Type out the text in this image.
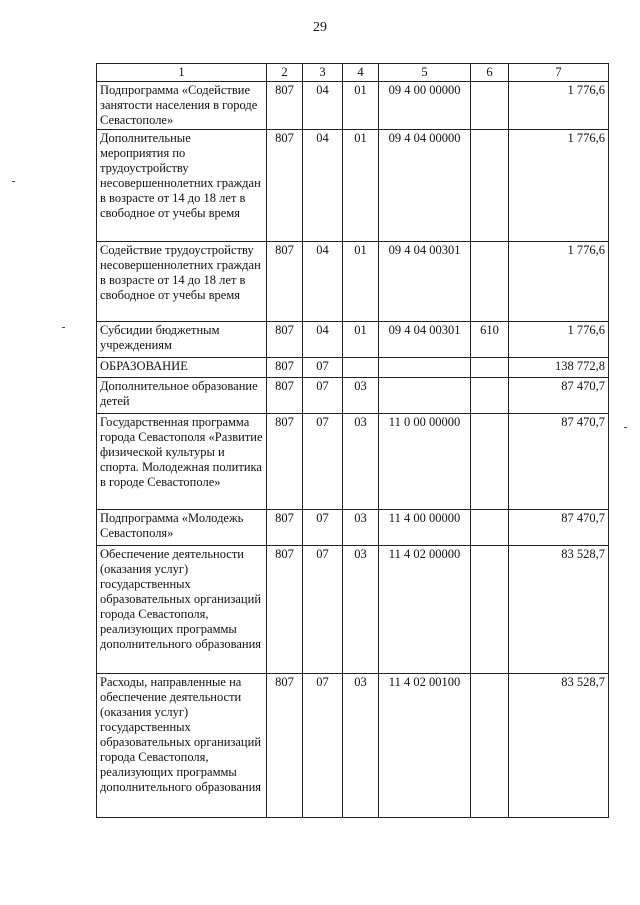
29
1	2	3	4	5	6	7
Подпрограмма «Содействие занятости населения в городе Севастополе»	807	04	01	09 4 00 00000		1 776,6
Дополнительные мероприятия по трудоустройству несовершеннолетних граждан в возрасте от 14 до 18 лет в свободное от учебы время	807	04	01	09 4 04 00000		1 776,6
Содействие трудоустройству несовершеннолетних граждан в возрасте от 14 до 18 лет в свободное от учебы время	807	04	01	09 4 04 00301		1 776,6
Субсидии бюджетным учреждениям	807	04	01	09 4 04 00301	610	1 776,6
ОБРАЗОВАНИЕ	807	07				138 772,8
Дополнительное образование детей	807	07	03			87 470,7
Государственная программа города Севастополя «Развитие физической культуры и спорта. Молодежная политика в городе Севастополе»	807	07	03	11 0 00 00000		87 470,7
Подпрограмма «Молодежь Севастополя»	807	07	03	11 4 00 00000		87 470,7
Обеспечение деятельности (оказания услуг) государственных образовательных организаций города Севастополя, реализующих программы дополнительного образования	807	07	03	11 4 02 00000		83 528,7
Расходы, направленные на обеспечение деятельности (оказания услуг) государственных образовательных организаций города Севастополя, реализующих программы дополнительного образования	807	07	03	11 4 02 00100		83 528,7
